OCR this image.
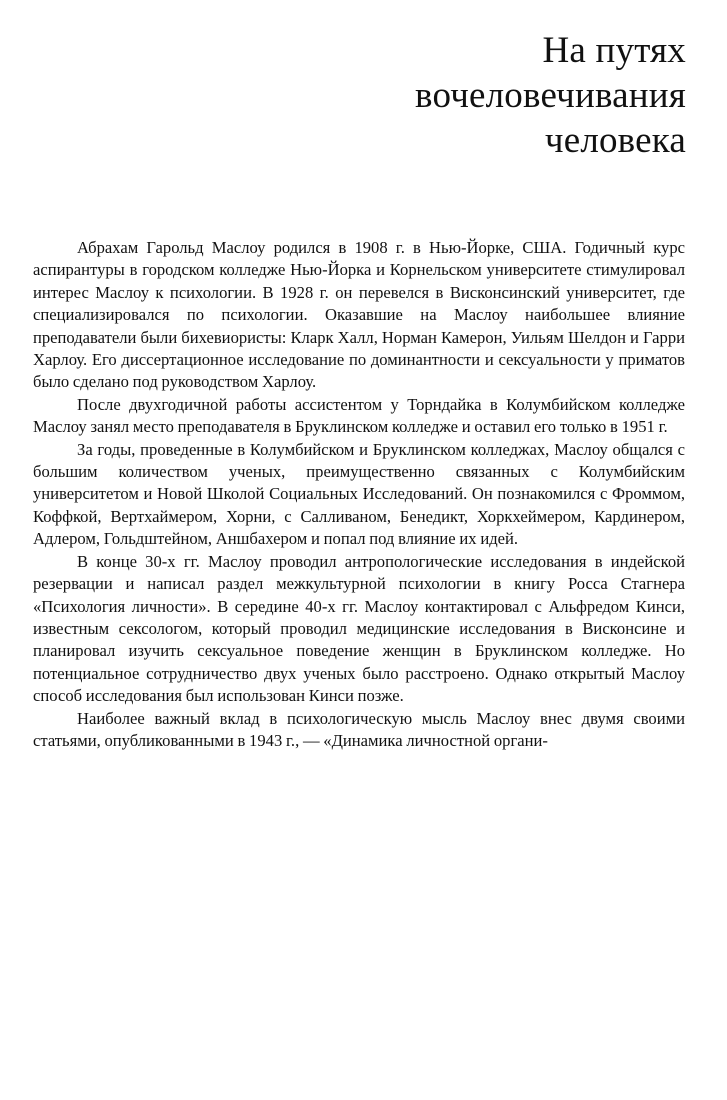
На путях
вочеловечивания
человека

Абрахам Гарольд Маслоу родился в 1908 г. в Нью-Йорке, США. Годичный курс аспирантуры в городском колледже Нью-Йорка и Корнельском университете стимулировал интерес Маслоу к психологии. В 1928 г. он перевелся в Висконсинский университет, где специализировался по психологии. Оказавшие на Маслоу наибольшее влияние преподаватели были бихевиористы: Кларк Халл, Норман Камерон, Уильям Шелдон и Гарри Харлоу. Его диссертационное исследование по доминантности и сексуальности у приматов было сделано под руководством Харлоу.

После двухгодичной работы ассистентом у Торндайка в Колумбийском колледже Маслоу занял место преподавателя в Бруклинском колледже и оставил его только в 1951 г.

За годы, проведенные в Колумбийском и Бруклинском колледжах, Маслоу общался с большим количеством ученых, преимущественно связанных с Колумбийским университетом и Новой Школой Социальных Исследований. Он познакомился с Фроммом, Коффкой, Вертхаймером, Хорни, с Салливаном, Бенедикт, Хоркхеймером, Кардинером, Адлером, Гольдштейном, Аншбахером и попал под влияние их идей.

В конце 30-х гг. Маслоу проводил антропологические исследования в индейской резервации и написал раздел межкультурной психологии в книгу Росса Стагнера «Психология личности». В середине 40-х гг. Маслоу контактировал с Альфредом Кинси, известным сексологом, который проводил медицинские исследования в Висконсине и планировал изучить сексуальное поведение женщин в Бруклинском колледже. Но потенциальное сотрудничество двух ученых было расстроено. Однако открытый Маслоу способ исследования был использован Кинси позже.

Наиболее важный вклад в психологическую мысль Маслоу внес двумя своими статьями, опубликованными в 1943 г., — «Динамика личностной органи-
